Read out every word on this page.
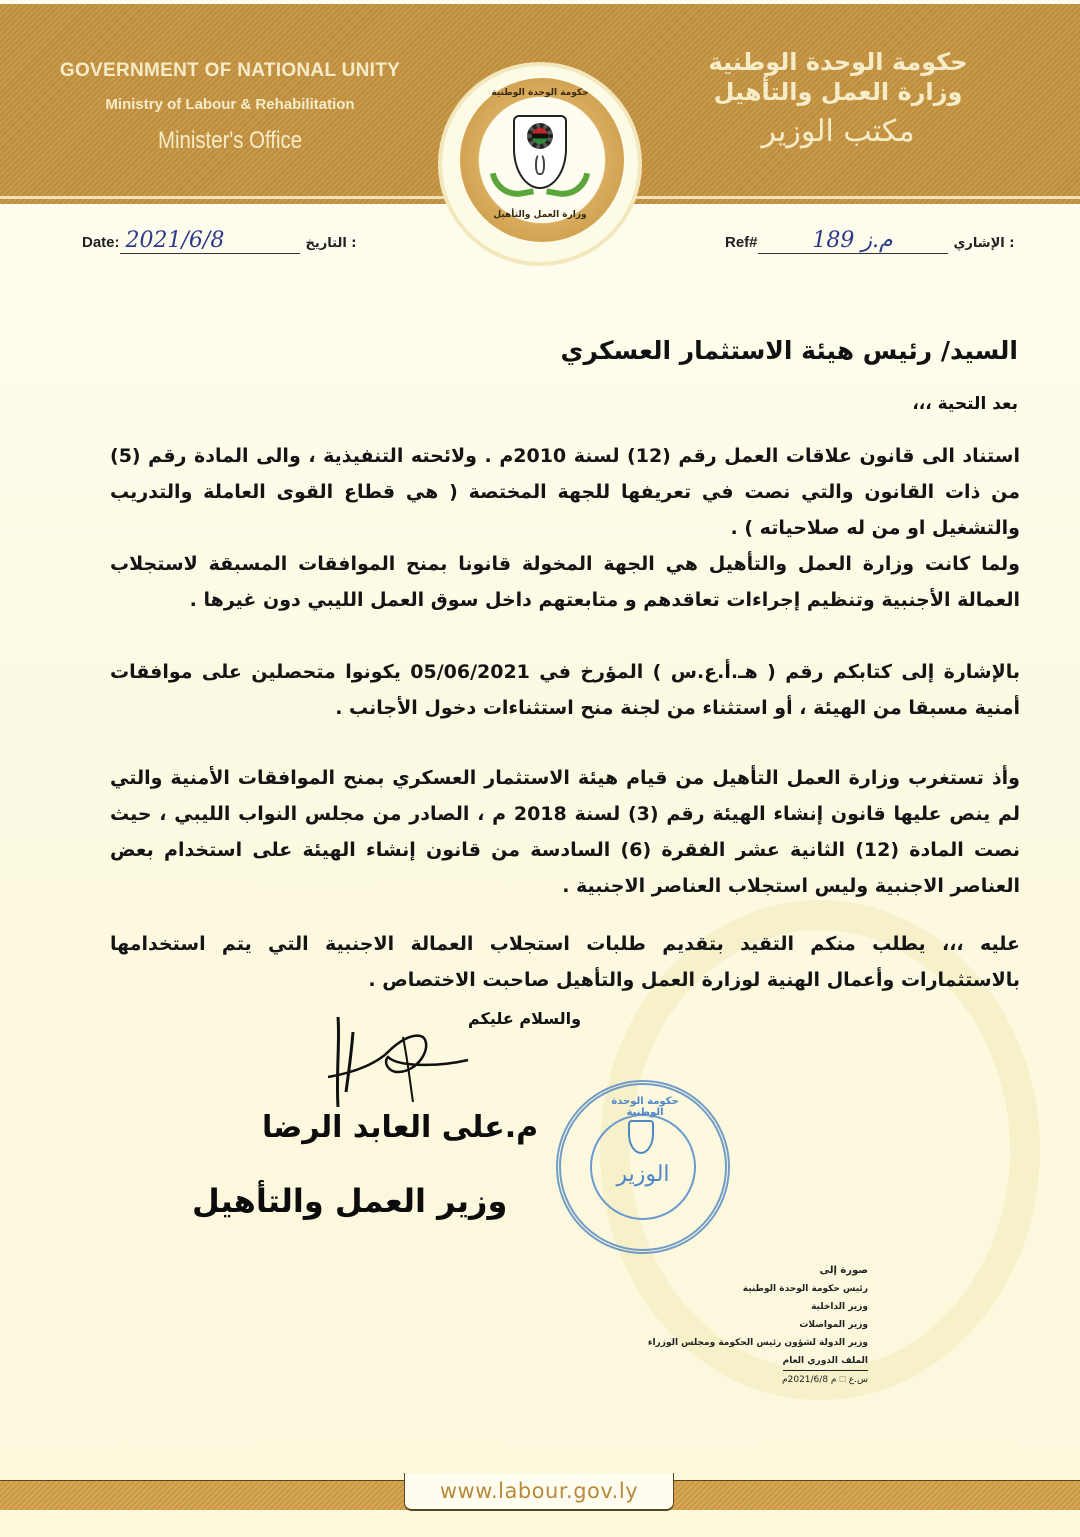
GOVERNMENT OF NATIONAL UNITY
Ministry of Labour & Rehabilitation
Minister's Office
حكومة الوحدة الوطنية
وزارة العمل والتأهيل
مكتب الوزير
حكومة الوحدة الوطنية
وزارة العمل والتأهيل
Date: 2021/6/8	التاريخ :	Ref# 189 م.ز	الإشاري :
السيد/ رئيس هيئة الاستثمار العسكري
بعد التحية ،،،
استناد الى قانون علاقات العمل رقم (12) لسنة 2010م . ولائحته التنفيذية ، والى المادة رقم (5) من ذات القانون والتي نصت في تعريفها للجهة المختصة ( هي قطاع القوى العاملة والتدريب والتشغيل او من له صلاحياته ) .
ولما كانت وزارة العمل والتأهيل هي الجهة المخولة قانونا بمنح الموافقات المسبقة لاستجلاب العمالة الأجنبية وتنظيم إجراءات تعاقدهم و متابعتهم داخل سوق العمل الليبي دون غيرها .
بالإشارة إلى كتابكم رقم ( هـ.أ.ع.س ) المؤرخ في 05/06/2021 يكونوا متحصلين على موافقات أمنية مسبقا من الهيئة ، أو استثناء من لجنة منح استثناءات دخول الأجانب .
وأذ تستغرب وزارة العمل التأهيل من قيام هيئة الاستثمار العسكري بمنح الموافقات الأمنية والتي لم ينص عليها قانون إنشاء الهيئة رقم (3) لسنة 2018 م ، الصادر من مجلس النواب الليبي ، حيث نصت المادة (12) الثانية عشر الفقرة (6) السادسة من قانون إنشاء الهيئة على استخدام بعض العناصر الاجنبية وليس استجلاب العناصر الاجنبية .
عليه ،،، يطلب منكم التقيد بتقديم طلبات استجلاب العمالة الاجنبية التي يتم استخدامها بالاستثمارات وأعمال الهنية لوزارة العمل والتأهيل صاحبت الاختصاص .
والسلام عليكم
م.على العابد الرضا
وزير العمل والتأهيل
حكومة الوحدة الوطنية
الوزير
صورة إلى
رئيس حكومة الوحدة الوطنية
وزير الداخلية
وزير المواصلات
وزير الدولة لشؤون رئيس الحكومة ومجلس الوزراء
الملف الدوري العام
س.ع 🗆 م 2021/6/8م
www.labour.gov.ly
